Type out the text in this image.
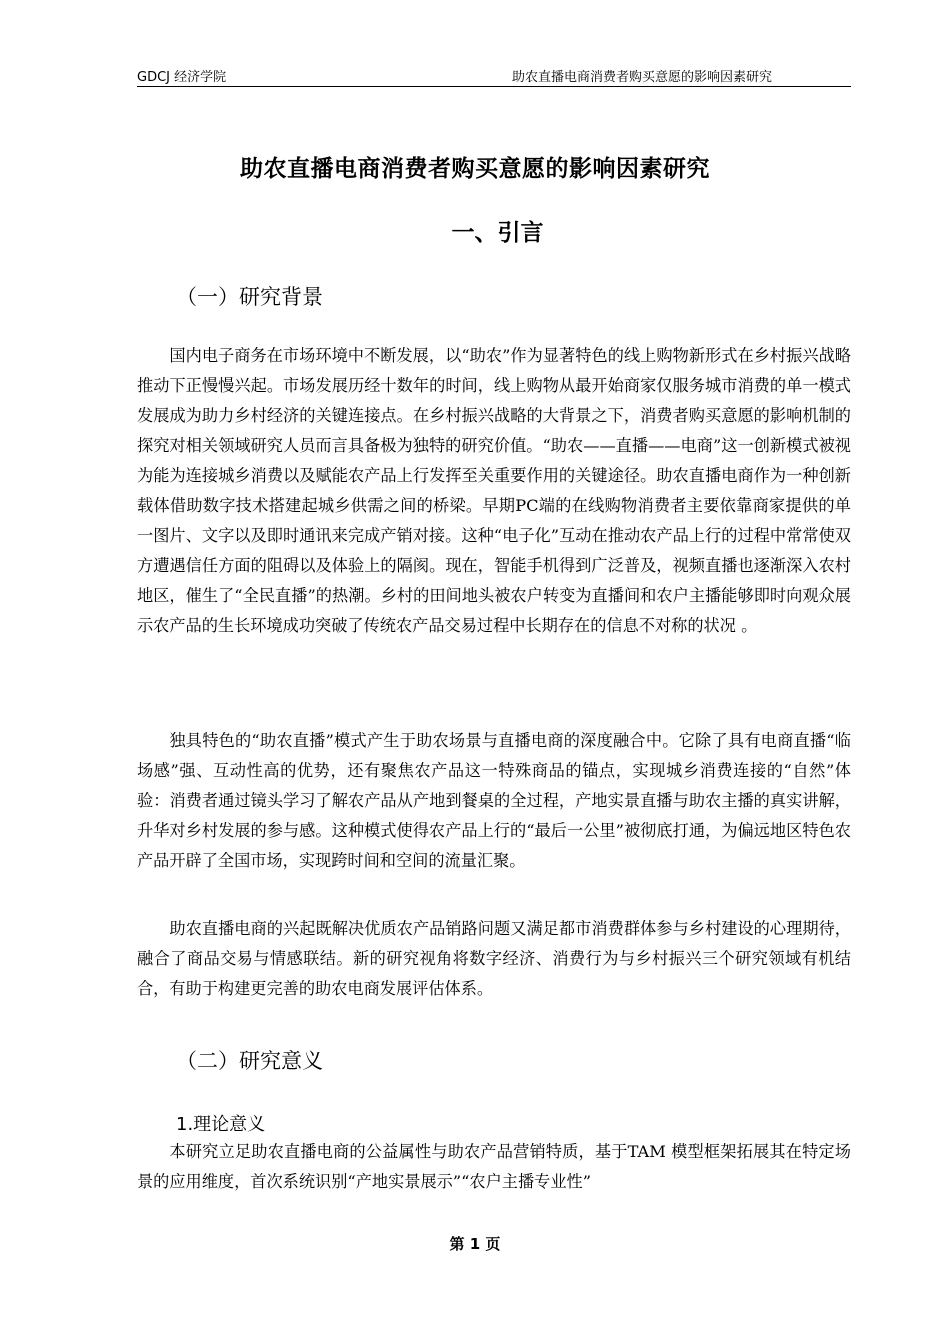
GDCJ 经济学院	助农直播电商消费者购买意愿的影响因素研究
助农直播电商消费者购买意愿的影响因素研究
一、引言
（一）研究背景

国内电子商务在市场环境中不断发展，以“助农”作为显著特色的线上购物新形式在乡村振兴战略推动下正慢慢兴起。市场发展历经十数年的时间，线上购物从最开始商家仅服务城市消费的单一模式发展成为助力乡村经济的关键连接点。在乡村振兴战略的大背景之下，消费者购买意愿的影响机制的探究对相关领域研究人员而言具备极为独特的研究价值。“助农——直播——电商”这一创新模式被视为能为连接城乡消费以及赋能农产品上行发挥至关重要作用的关键途径。助农直播电商作为一种创新载体借助数字技术搭建起城乡供需之间的桥梁。早期PC端的在线购物消费者主要依靠商家提供的单一图片、文字以及即时通讯来完成产销对接。这种“电子化”互动在推动农产品上行的过程中常常使双方遭遇信任方面的阻碍以及体验上的隔阂。现在，智能手机得到广泛普及，视频直播也逐渐深入农村地区，催生了“全民直播”的热潮。乡村的田间地头被农户转变为直播间和农户主播能够即时向观众展示农产品的生长环境成功突破了传统农产品交易过程中长期存在的信息不对称的状况 。

独具特色的“助农直播”模式产生于助农场景与直播电商的深度融合中。它除了具有电商直播“临场感”强、互动性高的优势，还有聚焦农产品这一特殊商品的锚点，实现城乡消费连接的“自然”体验：消费者通过镜头学习了解农产品从产地到餐桌的全过程，产地实景直播与助农主播的真实讲解，升华对乡村发展的参与感。这种模式使得农产品上行的“最后一公里”被彻底打通，为偏远地区特色农产品开辟了全国市场，实现跨时间和空间的流量汇聚。

助农直播电商的兴起既解决优质农产品销路问题又满足都市消费群体参与乡村建设的心理期待，融合了商品交易与情感联结。新的研究视角将数字经济、消费行为与乡村振兴三个研究领域有机结合，有助于构建更完善的助农电商发展评估体系。

（二）研究意义
1.理论意义

本研究立足助农直播电商的公益属性与助农产品营销特质，基于TAM 模型框架拓展其在特定场景的应用维度，首次系统识别“产地实景展示”“农户主播专业性”

第 1 页
